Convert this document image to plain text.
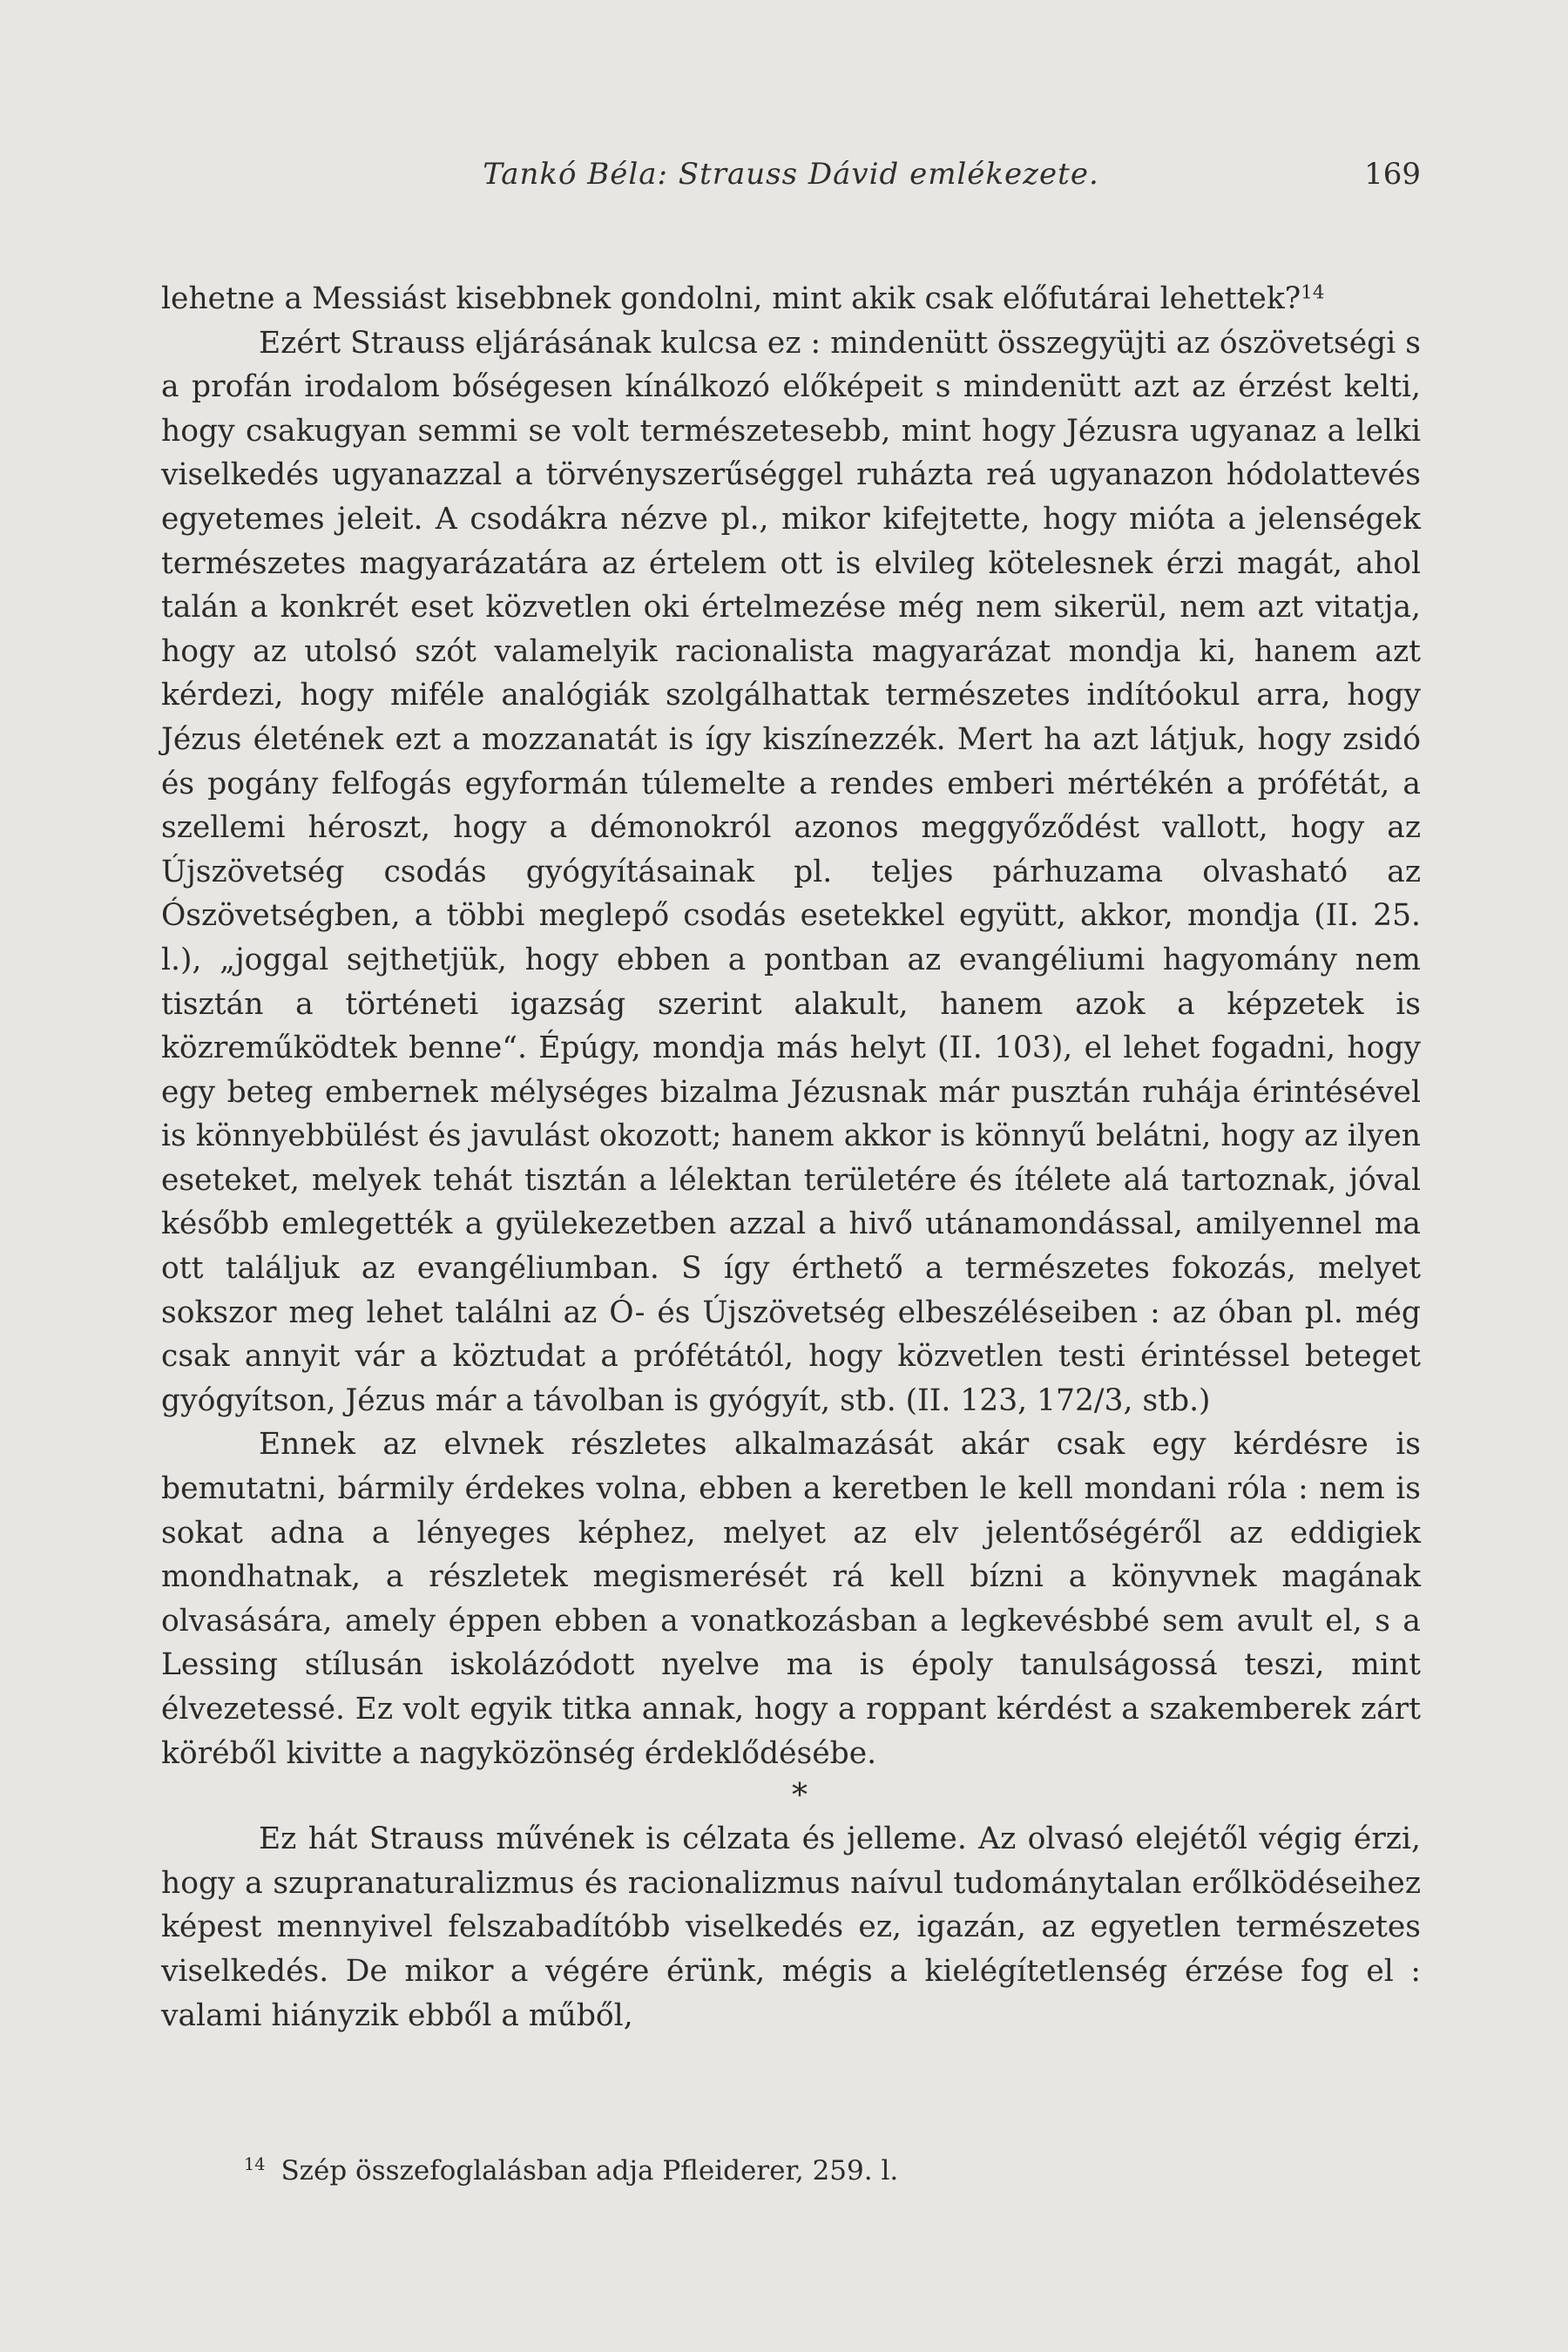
Tankó Béla: Strauss Dávid emlékezete.	169

lehetne a Messiást kisebbnek gondolni, mint akik csak előfutárai lehettek?$^{14}$

Ezért Strauss eljárásának kulcsa ez : mindenütt összegyüjti az ószövetségi s a profán irodalom bőségesen kínálkozó előképeit s mindenütt azt az érzést kelti, hogy csakugyan semmi se volt természetesebb, mint hogy Jézusra ugyanaz a lelki viselkedés ugyanazzal a törvényszerűséggel ruházta reá ugyanazon hódolattevés egyetemes jeleit. A csodákra nézve pl., mikor kifejtette, hogy mióta a jelenségek természetes magyarázatára az értelem ott is elvileg kötelesnek érzi magát, ahol talán a konkrét eset közvetlen oki értelmezése még nem sikerül, nem azt vitatja, hogy az utolsó szót valamelyik racionalista magyarázat mondja ki, hanem azt kérdezi, hogy miféle analógiák szolgálhattak természetes indítóokul arra, hogy Jézus életének ezt a mozzanatát is így kiszínezzék. Mert ha azt látjuk, hogy zsidó és pogány felfogás egyformán túlemelte a rendes emberi mértékén a prófétát, a szellemi héroszt, hogy a démonokról azonos meggyőződést vallott, hogy az Újszövetség csodás gyógyításainak pl. teljes párhuzama olvasható az Ószövetségben, a többi meglepő csodás esetekkel együtt, akkor, mondja (II. 25. l.), „joggal sejthetjük, hogy ebben a pontban az evangéliumi hagyomány nem tisztán a történeti igazság szerint alakult, hanem azok a képzetek is közreműködtek benne“. Épúgy, mondja más helyt (II. 103), el lehet fogadni, hogy egy beteg embernek mélységes bizalma Jézusnak már pusztán ruhája érintésével is könnyebbülést és javulást okozott; hanem akkor is könnyű belátni, hogy az ilyen eseteket, melyek tehát tisztán a lélektan területére és ítélete alá tartoznak, jóval később emlegették a gyülekezetben azzal a hivő utánamondással, amilyennel ma ott találjuk az evangéliumban. S így érthető a természetes fokozás, melyet sokszor meg lehet találni az Ó- és Újszövetség elbeszéléseiben : az óban pl. még csak annyit vár a köztudat a prófétától, hogy közvetlen testi érintéssel beteget gyógyítson, Jézus már a távolban is gyógyít, stb. (II. 123, 172/3, stb.)

Ennek az elvnek részletes alkalmazását akár csak egy kérdésre is bemutatni, bármily érdekes volna, ebben a keretben le kell mondani róla : nem is sokat adna a lényeges képhez, melyet az elv jelentőségéről az eddigiek mondhatnak, a részletek megismerését rá kell bízni a könyvnek magának olvasására, amely éppen ebben a vonatkozásban a legkevésbbé sem avult el, s a Lessing stílusán iskolázódott nyelve ma is époly tanulságossá teszi, mint élvezetessé. Ez volt egyik titka annak, hogy a roppant kérdést a szakemberek zárt köréből kivitte a nagyközönség érdeklődésébe.

*

Ez hát Strauss művének is célzata és jelleme. Az olvasó elejétől végig érzi, hogy a szupranaturalizmus és racionalizmus naívul tudománytalan erőlködéseihez képest mennyivel felszabadítóbb viselkedés ez, igazán, az egyetlen természetes viselkedés. De mikor a végére érünk, mégis a kielégítetlenség érzése fog el : valami hiányzik ebből a műből,

$^{14}$ Szép összefoglalásban adja Pfleiderer, 259. l.
